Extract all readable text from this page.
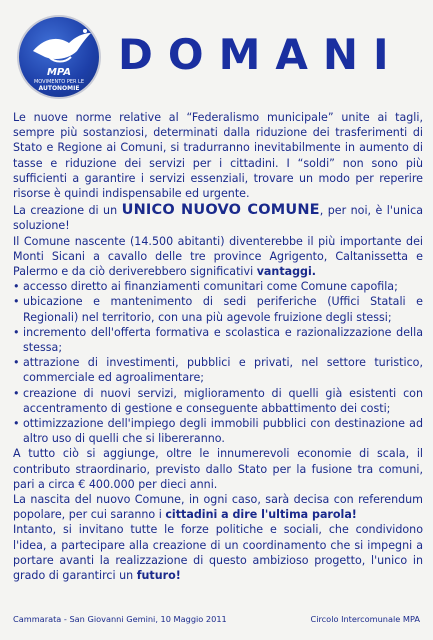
MPA
MOVIMENTO PER LE
AUTONOMIE
DOMANI

Le nuove norme relative al “Federalismo municipale” unite ai tagli, sempre più sostanziosi, determinati dalla riduzione dei trasferimenti di Stato e Regione ai Comuni, si tradurranno inevitabilmente in aumento di tasse e riduzione dei servizi per i cittadini. I “soldi” non sono più sufficienti a garantire i servizi essenziali, trovare un modo per reperire risorse è quindi indispensabile ed urgente.

La creazione di un UNICO NUOVO COMUNE, per noi, è l'unica soluzione!

Il Comune nascente (14.500 abitanti) diventerebbe il più importante dei Monti Sicani a cavallo delle tre province Agrigento, Caltanissetta e Palermo e da ciò deriverebbero significativi vantaggi.

• accesso diretto ai finanziamenti comunitari come Comune capofila;
• ubicazione e mantenimento di sedi periferiche (Uffici Statali e Regionali) nel territorio, con una più agevole fruizione degli stessi;
• incremento dell'offerta formativa e scolastica e razionalizzazione della stessa;
• attrazione di investimenti, pubblici e privati, nel settore turistico, commerciale ed agroalimentare;
• creazione di nuovi servizi, miglioramento di quelli già esistenti con accentramento di gestione e conseguente abbattimento dei costi;
• ottimizzazione dell'impiego degli immobili pubblici con destinazione ad altro uso di quelli che si libereranno.

A tutto ciò si aggiunge, oltre le innumerevoli economie di scala, il contributo straordinario, previsto dallo Stato per la fusione tra comuni, pari a circa € 400.000 per dieci anni.

La nascita del nuovo Comune, in ogni caso, sarà decisa con referendum popolare, per cui saranno i cittadini a dire l'ultima parola!

Intanto, si invitano tutte le forze politiche e sociali, che condividono l'idea, a partecipare alla creazione di un coordinamento che si impegni a portare avanti la realizzazione di questo ambizioso progetto, l'unico in grado di garantirci un futuro!

Cammarata - San Giovanni Gemini, 10 Maggio 2011	Circolo Intercomunale MPA
